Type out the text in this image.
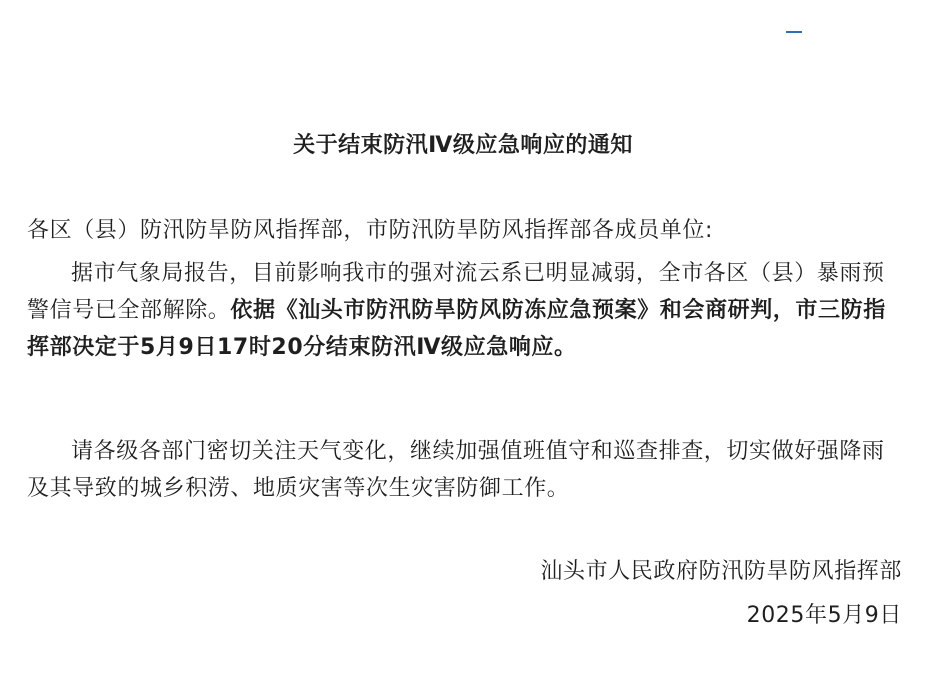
关于结束防汛Ⅳ级应急响应的通知
各区（县）防汛防旱防风指挥部，市防汛防旱防风指挥部各成员单位:
据市气象局报告，目前影响我市的强对流云系已明显减弱，全市各区（县）暴雨预警信号已全部解除。依据《汕头市防汛防旱防风防冻应急预案》和会商研判，市三防指挥部决定于5月9日17时20分结束防汛Ⅳ级应急响应。
请各级各部门密切关注天气变化，继续加强值班值守和巡查排查，切实做好强降雨及其导致的城乡积涝、地质灾害等次生灾害防御工作。
汕头市人民政府防汛防旱防风指挥部
2025年5月9日
